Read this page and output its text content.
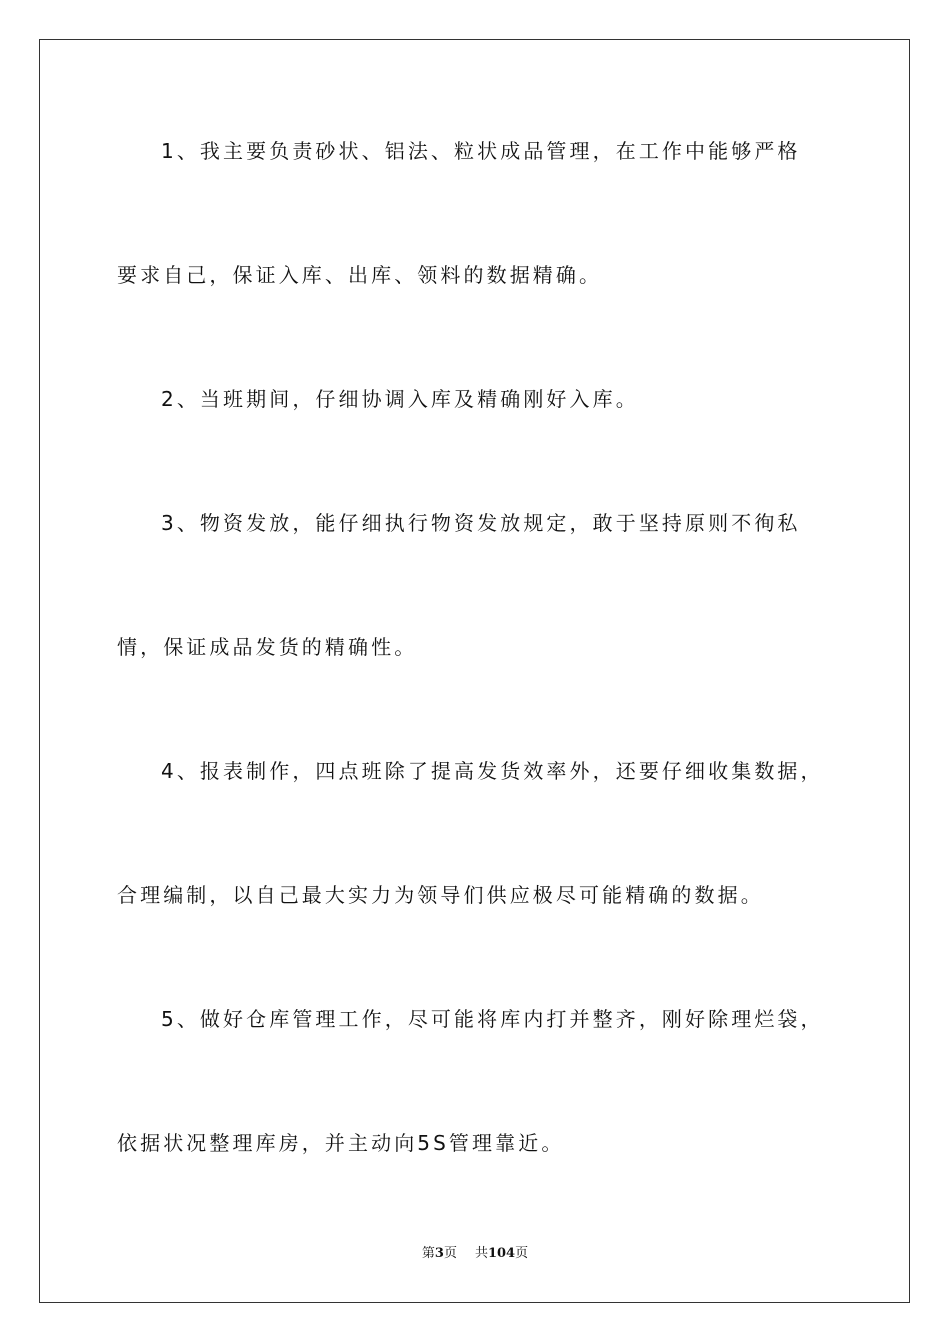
1、我主要负责砂状、铝法、粒状成品管理，在工作中能够严格
要求自己，保证入库、出库、领料的数据精确。
2、当班期间，仔细协调入库及精确刚好入库。
3、物资发放，能仔细执行物资发放规定，敢于坚持原则不徇私
情，保证成品发货的精确性。
4、报表制作，四点班除了提高发货效率外，还要仔细收集数据，
合理编制，以自己最大实力为领导们供应极尽可能精确的数据。
5、做好仓库管理工作，尽可能将库内打并整齐，刚好除理烂袋，
依据状况整理库房，并主动向5S管理靠近。
第3页 共104页
